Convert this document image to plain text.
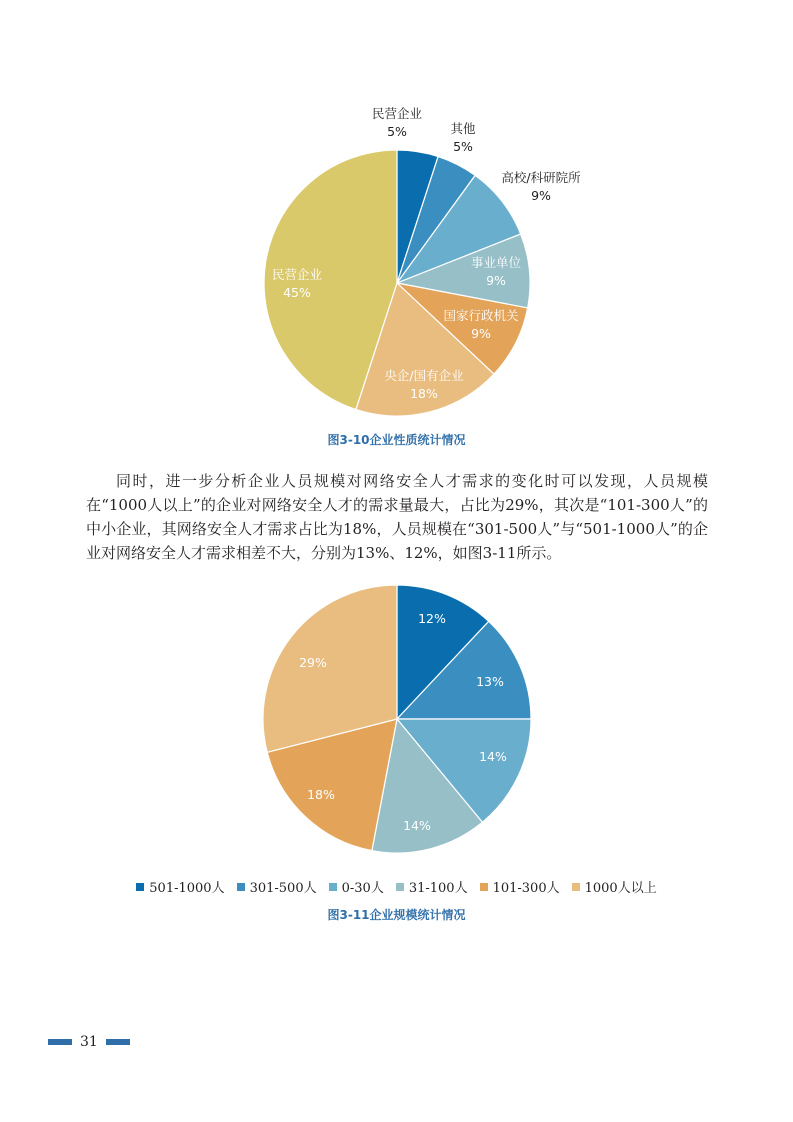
民营企业
5%	其他
5%
高校/科研院所
9%
事业单位
9%
国家行政机关
9%
央企/国有企业
18%
民营企业
45%
图3-10企业性质统计情况

同时，进一步分析企业人员规模对网络安全人才需求的变化时可以发现，人员规模在“1000人以上”的企业对网络安全人才的需求量最大，占比为29%，其次是“101-300人”的中小企业，其网络安全人才需求占比为18%，人员规模在“301-500人”与“501-1000人”的企业对网络安全人才需求相差不大，分别为13%、12%，如图3-11所示。

12%
13%
14%
14%
18%
29%
501-1000人 301-500人 0-30人 31-100人 101-300人 1000人以上
图3-11企业规模统计情况
31
